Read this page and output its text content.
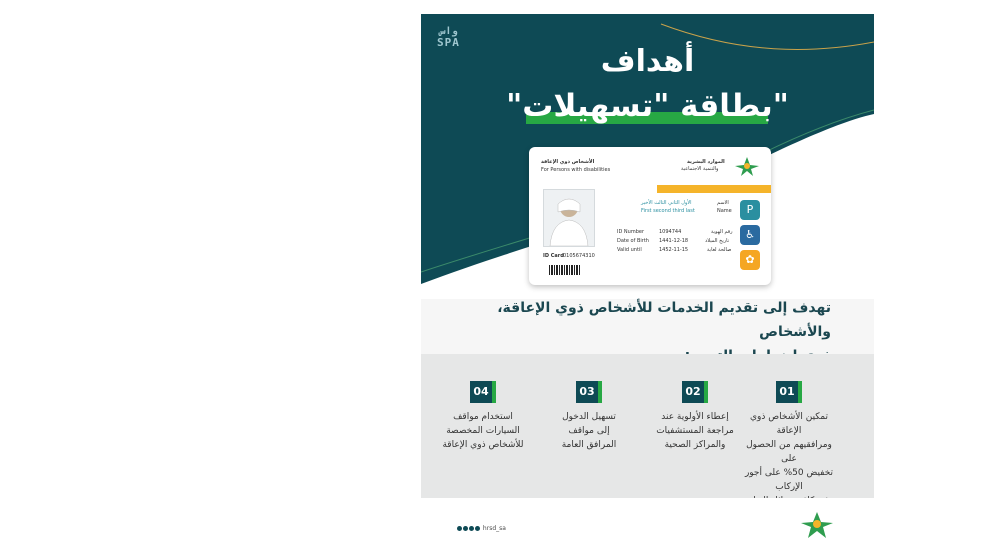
واس
SPA
أهداف
"بطاقة "تسهيلات"
الموارد البشرية
والتنمية الاجتماعية
الأشخاص ذوي الإعاقة
For Persons with disabilities
الاسم
الأول الثاني الثالث الأخير
First second third last	Name
رقم الهوية
ID Number	1094744
تاريخ الميلاد
Date of Birth 1441-12-18
صالحة لغاية
Valid until	1452-11-15
ID Card 0105674310
P
♿
✿
تهدف إلى تقديم الخدمات للأشخاص ذوي الإعاقة، والأشخاص
01
تمكين الأشخاص ذوي الإعاقة
ومرافقيهم من الحصول على
تخفيض 50% على أجور الإركاب

02
إعطاء الأولوية عند
مراجعة المستشفيات
والمراكز الصحية
03
تسهيل الدخول
إلى مواقف
المرافق العامة
04
استخدام مواقف
السيارات المخصصة
للأشخاص ذوي الإعاقة
hrsd_sa
